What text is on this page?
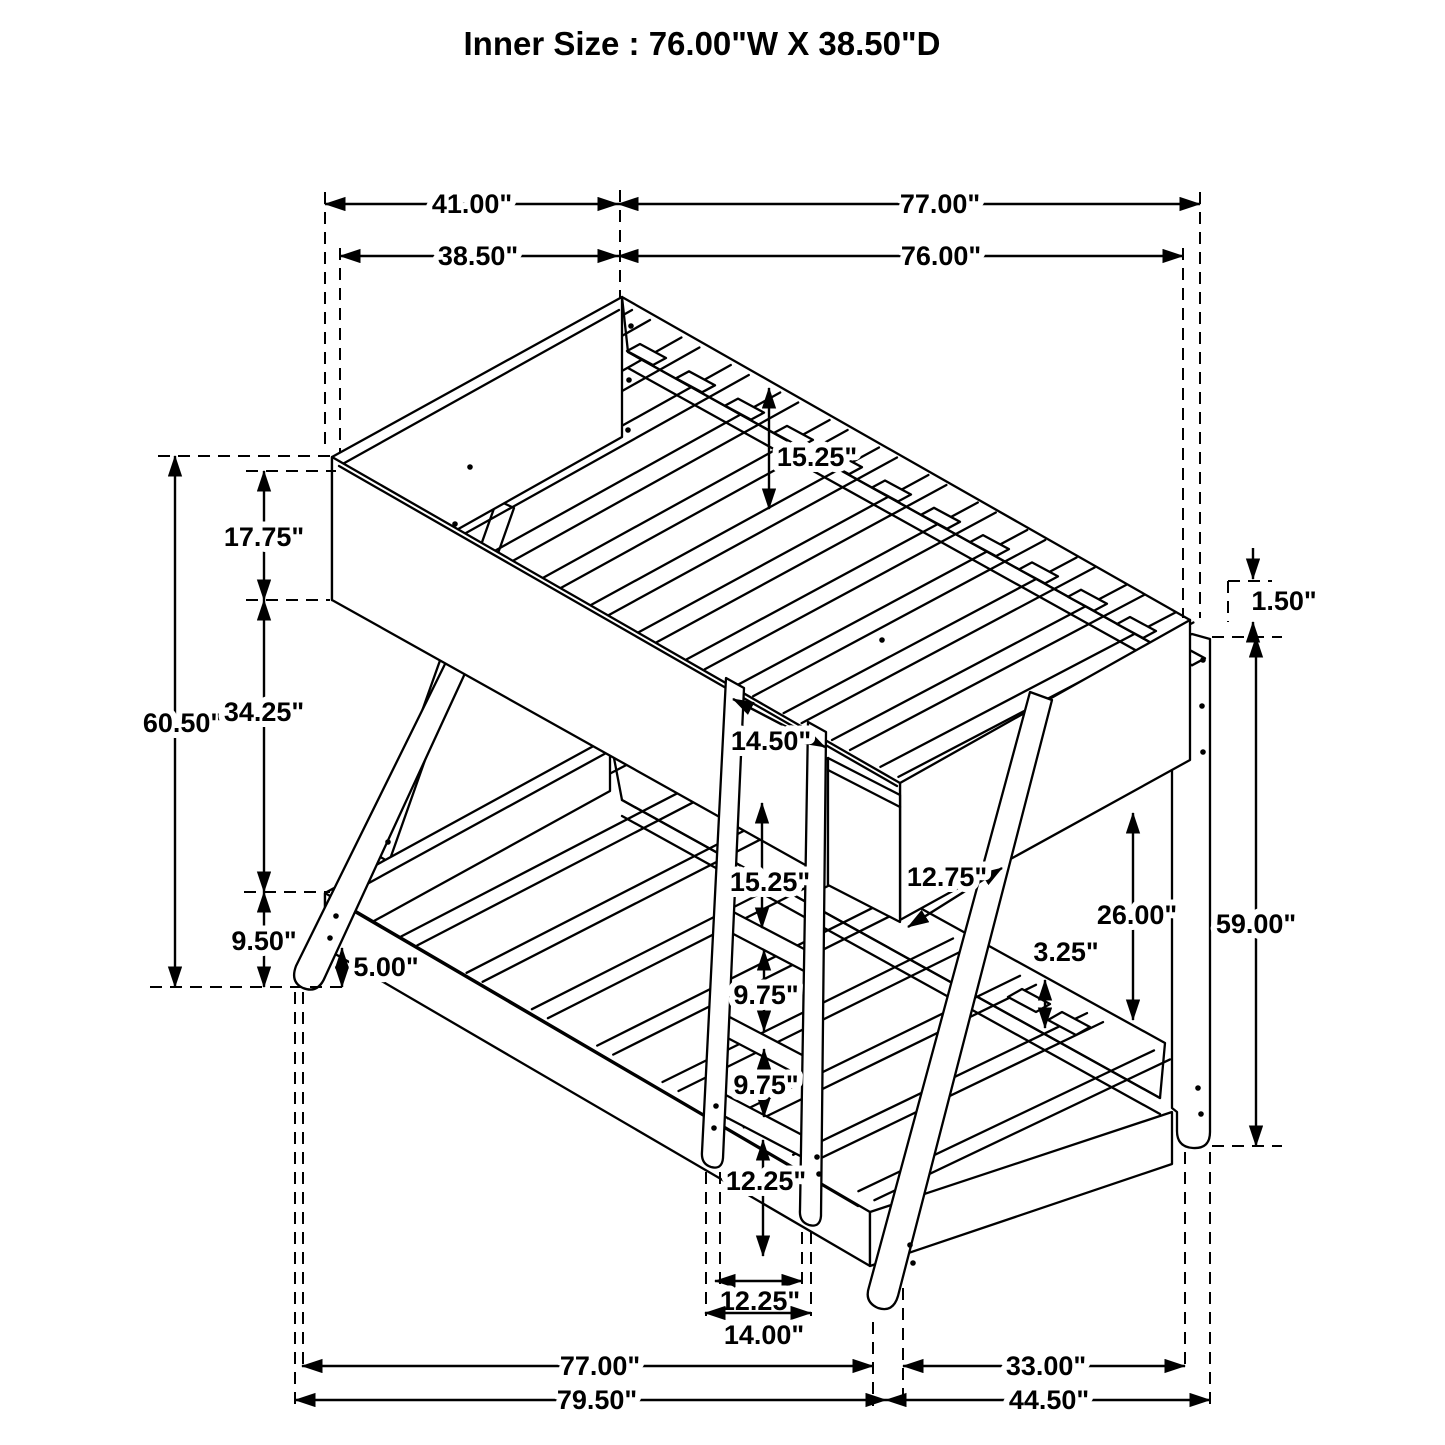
41.00"	77.00"
38.50"	76.00"
60.50"
17.75"
34.25"
9.50"
5.00"
1.50"
59.00"
26.00"
3.25"
15.25"
14.50"
12.75"
15.25"
9.75"
9.75"
12.25"
12.25"
14.00"
77.00"	33.00"
79.50"	44.50"
Inner Size : 76.00"W X 38.50"D
